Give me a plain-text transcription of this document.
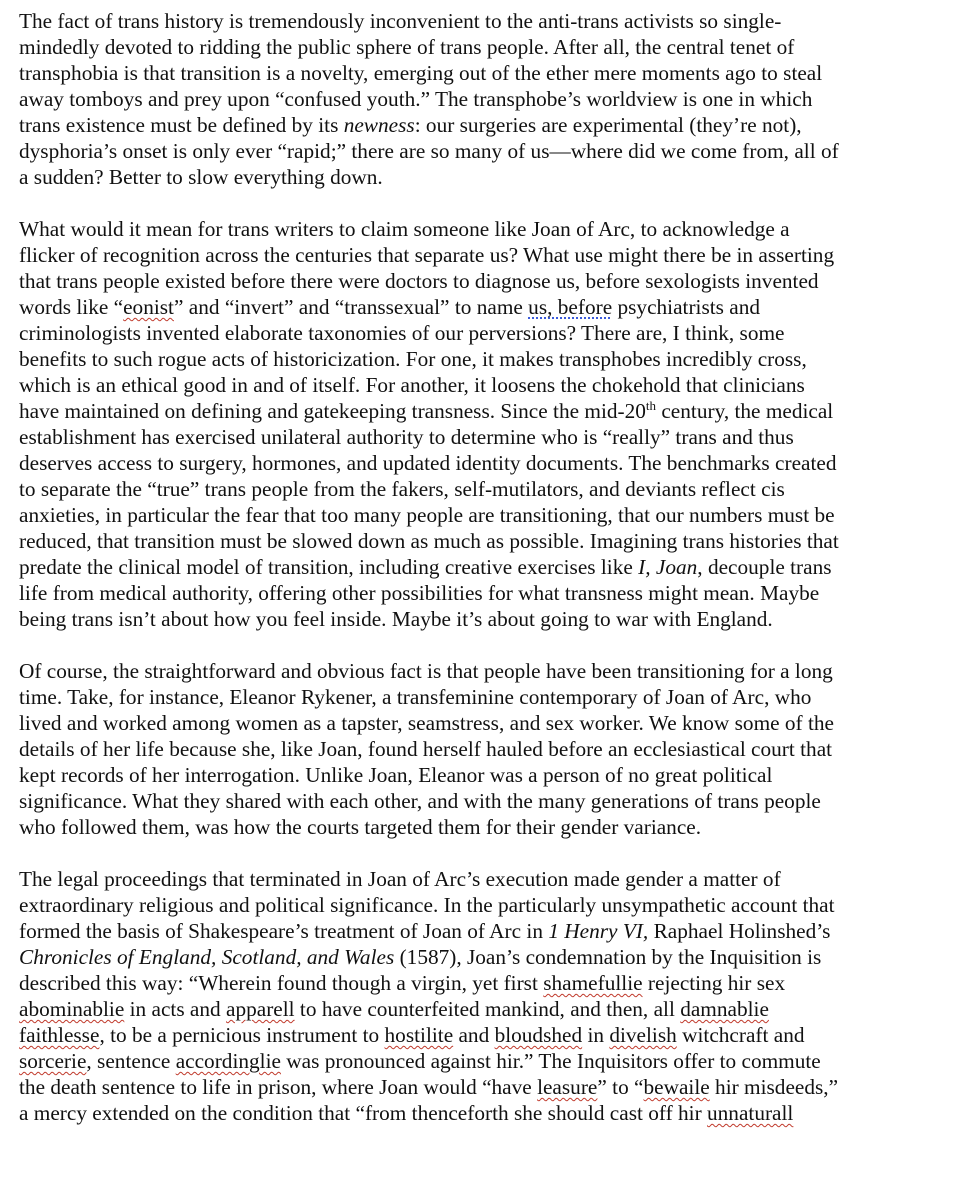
The fact of trans history is tremendously inconvenient to the anti-trans activists so single-
mindedly devoted to ridding the public sphere of trans people. After all, the central tenet of
transphobia is that transition is a novelty, emerging out of the ether mere moments ago to steal
away tomboys and prey upon “confused youth.” The transphobe’s worldview is one in which
trans existence must be defined by its newness: our surgeries are experimental (they’re not),
dysphoria’s onset is only ever “rapid;” there are so many of us—where did we come from, all of
a sudden? Better to slow everything down.
What would it mean for trans writers to claim someone like Joan of Arc, to acknowledge a
flicker of recognition across the centuries that separate us? What use might there be in asserting
that trans people existed before there were doctors to diagnose us, before sexologists invented
words like “eonist” and “invert” and “transsexual” to name us, before psychiatrists and
criminologists invented elaborate taxonomies of our perversions? There are, I think, some
benefits to such rogue acts of historicization. For one, it makes transphobes incredibly cross,
which is an ethical good in and of itself. For another, it loosens the chokehold that clinicians
have maintained on defining and gatekeeping transness. Since the mid-20th century, the medical
establishment has exercised unilateral authority to determine who is “really” trans and thus
deserves access to surgery, hormones, and updated identity documents. The benchmarks created
to separate the “true” trans people from the fakers, self-mutilators, and deviants reflect cis
anxieties, in particular the fear that too many people are transitioning, that our numbers must be
reduced, that transition must be slowed down as much as possible. Imagining trans histories that
predate the clinical model of transition, including creative exercises like I, Joan, decouple trans
life from medical authority, offering other possibilities for what transness might mean. Maybe
being trans isn’t about how you feel inside. Maybe it’s about going to war with England.
Of course, the straightforward and obvious fact is that people have been transitioning for a long
time. Take, for instance, Eleanor Rykener, a transfeminine contemporary of Joan of Arc, who
lived and worked among women as a tapster, seamstress, and sex worker. We know some of the
details of her life because she, like Joan, found herself hauled before an ecclesiastical court that
kept records of her interrogation. Unlike Joan, Eleanor was a person of no great political
significance. What they shared with each other, and with the many generations of trans people
who followed them, was how the courts targeted them for their gender variance.
The legal proceedings that terminated in Joan of Arc’s execution made gender a matter of
extraordinary religious and political significance. In the particularly unsympathetic account that
formed the basis of Shakespeare’s treatment of Joan of Arc in 1 Henry VI, Raphael Holinshed’s
Chronicles of England, Scotland, and Wales (1587), Joan’s condemnation by the Inquisition is
described this way: “Wherein found though a virgin, yet first shamefullie rejecting hir sex
abominablie in acts and apparell to have counterfeited mankind, and then, all damnablie
faithlesse, to be a pernicious instrument to hostilite and bloudshed in divelish witchcraft and
sorcerie, sentence accordinglie was pronounced against hir.” The Inquisitors offer to commute
the death sentence to life in prison, where Joan would “have leasure” to “bewaile hir misdeeds,”
a mercy extended on the condition that “from thenceforth she should cast off hir unnaturall
